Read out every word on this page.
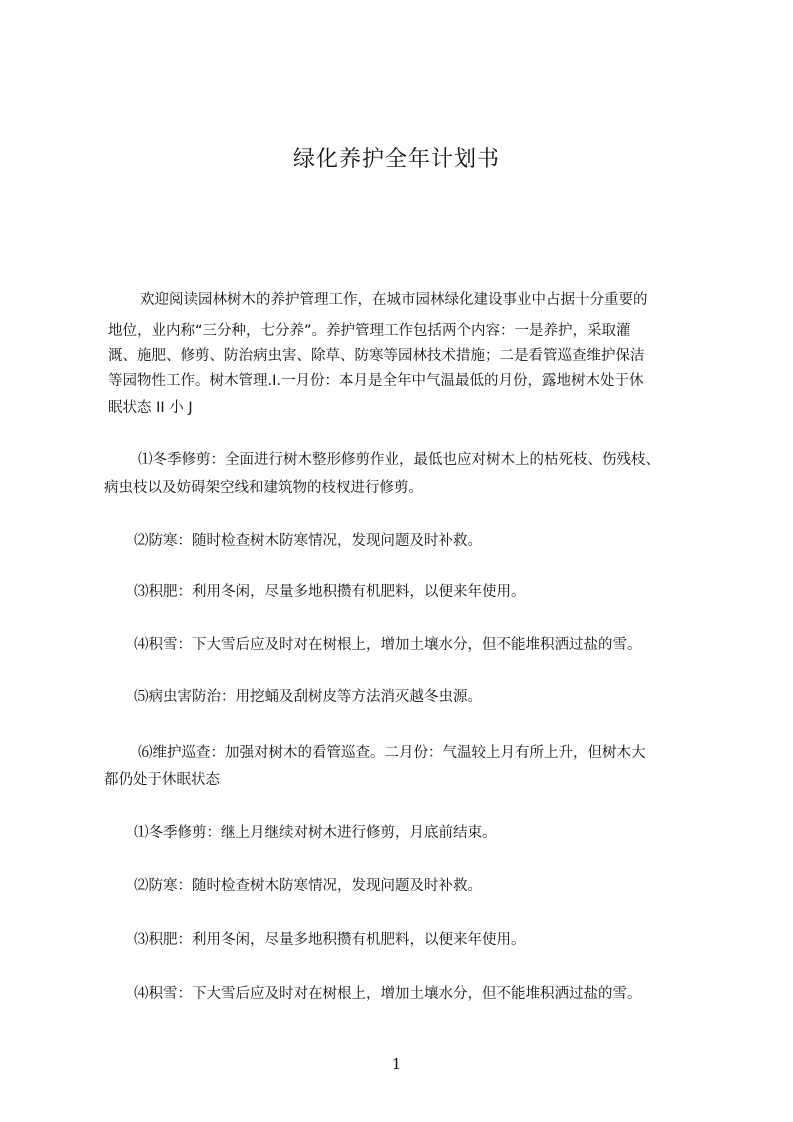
绿化养护全年计划书

欢迎阅读园林树木的养护管理工作，在城市园林绿化建设事业中占据十分重要的

地位，业内称“三分种，七分养”。养护管理工作包括两个内容：一是养护，采取灌

溉、施肥、修剪、防治病虫害、除草、防寒等园林技术措施；二是看管巡查维护保洁

等园物性工作。树木管理.Ⅰ.一月份：本月是全年中气温最低的月份，露地树木处于休

眠状态 II 小 J

⑴冬季修剪：全面进行树木整形修剪作业，最低也应对树木上的枯死枝、伤残枝、

病虫枝以及妨碍架空线和建筑物的枝杈进行修剪。

⑵防寒：随时检查树木防寒情况，发现问题及时补救。

⑶积肥：利用冬闲，尽量多地积攒有机肥料，以便来年使用。

⑷积雪：下大雪后应及时对在树根上，增加土壤水分，但不能堆积洒过盐的雪。

⑸病虫害防治：用挖蛹及刮树皮等方法消灭越冬虫源。

⑹维护巡查：加强对树木的看管巡查。二月份：气温较上月有所上升，但树木大

都仍处于休眠状态

⑴冬季修剪：继上月继续对树木进行修剪，月底前结束。

⑵防寒：随时检查树木防寒情况，发现问题及时补救。

⑶积肥：利用冬闲，尽量多地积攒有机肥料，以便来年使用。

⑷积雪：下大雪后应及时对在树根上，增加土壤水分，但不能堆积洒过盐的雪。

1
